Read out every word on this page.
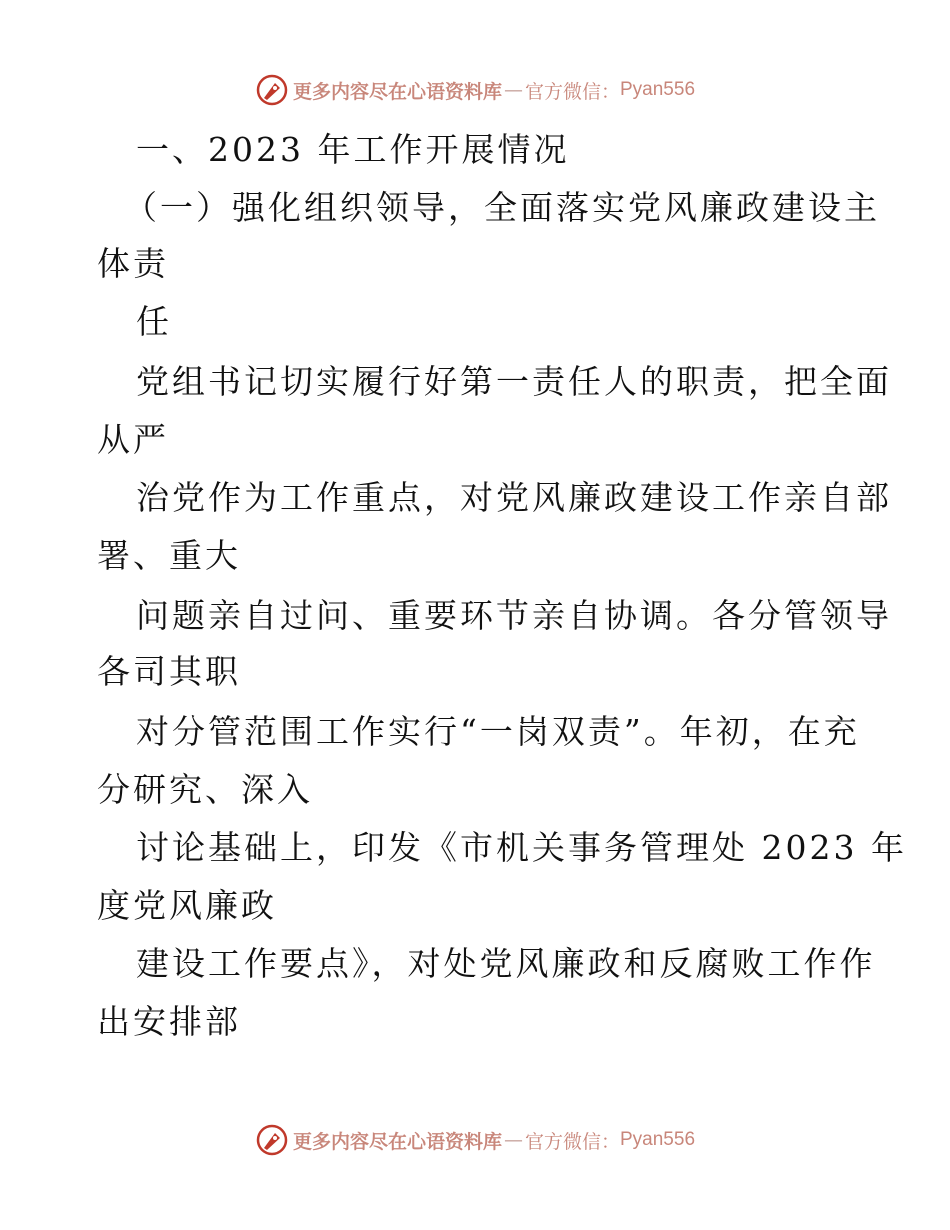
更多内容尽在心语资料库 — 官方微信： Pyan556
一、2023 年工作开展情况
（一）强化组织领导，全面落实党风廉政建设主
体责
任
党组书记切实履行好第一责任人的职责，把全面
从严
治党作为工作重点，对党风廉政建设工作亲自部
署、重大
问题亲自过问、重要环节亲自协调。各分管领导
各司其职
对分管范围工作实行“一岗双责”。年初，在充
分研究、深入
讨论基础上，印发《市机关事务管理处 2023 年
度党风廉政
建设工作要点》，对处党风廉政和反腐败工作作
出安排部
更多内容尽在心语资料库 — 官方微信： Pyan556
